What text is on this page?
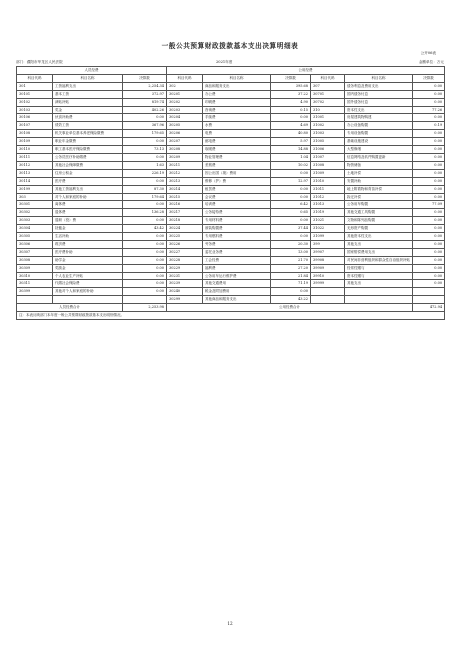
一般公共预算财政拨款基本支出决算明细表
公开06表
部门：濮阳市华龙区人民法院	2021年度	金额单位：万元
人员经费			公用经费					
科目代码	科目名称	决算数	科目代码	科目名称	决算数	科目代码	科目名称	决算数
301	工资福利支出	2,254.34	302	商品和服务支出	395.68	307	债务利息及费用支出	0.00
30101	基本工资	372.97	30201	办公费	37.22	30701	国内债务付息	0.00
30102	津贴补贴	819.74	30202	印刷费	4.90	30702	国外债务付息	0.00
30103	奖金	402.26	30203	咨询费	0.15	310	资本性支出	77.26
30106	伙食补助费	0.00	30204	手续费	0.00	31001	房屋建筑物购建	0.00
30107	绩效工资	367.96	30205	水费	4.69	31002	办公设备购置	0.19
30108	机关事业单位基本养老保险缴费	179.65	30206	电费	40.80	31003	专用设备购置	0.00
30109	职业年金缴费	0.00	30207	邮电费	5.97	31005	基础设施建设	0.00
30110	职工基本医疗保险缴费	73.13	30208	取暖费	14.88	31006	大型修缮	0.00
30111	公务员医疗补助缴费	0.00	30209	物业管理费	1.04	31007	信息网络及软件购置更新	0.00
30112	其他社会保障缴费	1.63	30211	差旅费	10.02	31008	物资储备	0.00
30113	住房公积金	226.19	30212	因公出国（境）费用	0.00	31009	土地补偿	0.00
30114	医疗费	0.00	30213	维修（护）费	12.97	31010	安置补助	0.00
30199	其他工资福利支出	87.30	30214	租赁费	0.00	31011	地上附着物和青苗补偿	0.00
303	对个人和家庭的补助	179.64	30215	会议费	0.00	31012	拆迁补偿	0.00
30301	离休费	0.00	30216	培训费	6.42	31013	公务用车购置	77.09
30302	退休费	136.28	30217	公务接待费	0.65	31019	其他交通工具购置	0.00
30303	退职（役）费	0.00	30218	专用材料费	0.00	31021	文物和陈列品购置	0.00
30304	抚恤金	43.42	30224	被装购置费	37.44	31022	无形资产购置	0.00
30305	生活补助	0.00	30225	专用燃料费	0.00	31099	其他资本性支出	0.00
30306	救济费	0.00	30226	劳务费	20.30	399	其他支出	0.00
30307	医疗费补助	0.00	30227	委托业务费	13.00	39907	国家赔偿费用支出	0.00
30308	助学金	0.00	30228	工会经费	21.70	39908	对民间非营利组织和群众性自治组织补贴	0.00
30309	奖励金	0.00	30229	福利费	27.20	39909	经常性赠与	0.00
30310	个人农业生产补贴	0.00	30231	公务用车运行维护费	21.84	39910	资本性赠与	0.00
30311	代缴社会保险费	0.00	30239	其他交通费用	71.19	39999	其他支出	0.00
30399	其他对个人和家庭的补助	0.00	30240	税金及附加费用	0.00			
			30299	其他商品和服务支出	43.22			
人员经费合计		2,253.98	公用经费合计					472.94
注：本表反映部门本年度一般公共预算财政拨款基本支出明细情况。								
12
